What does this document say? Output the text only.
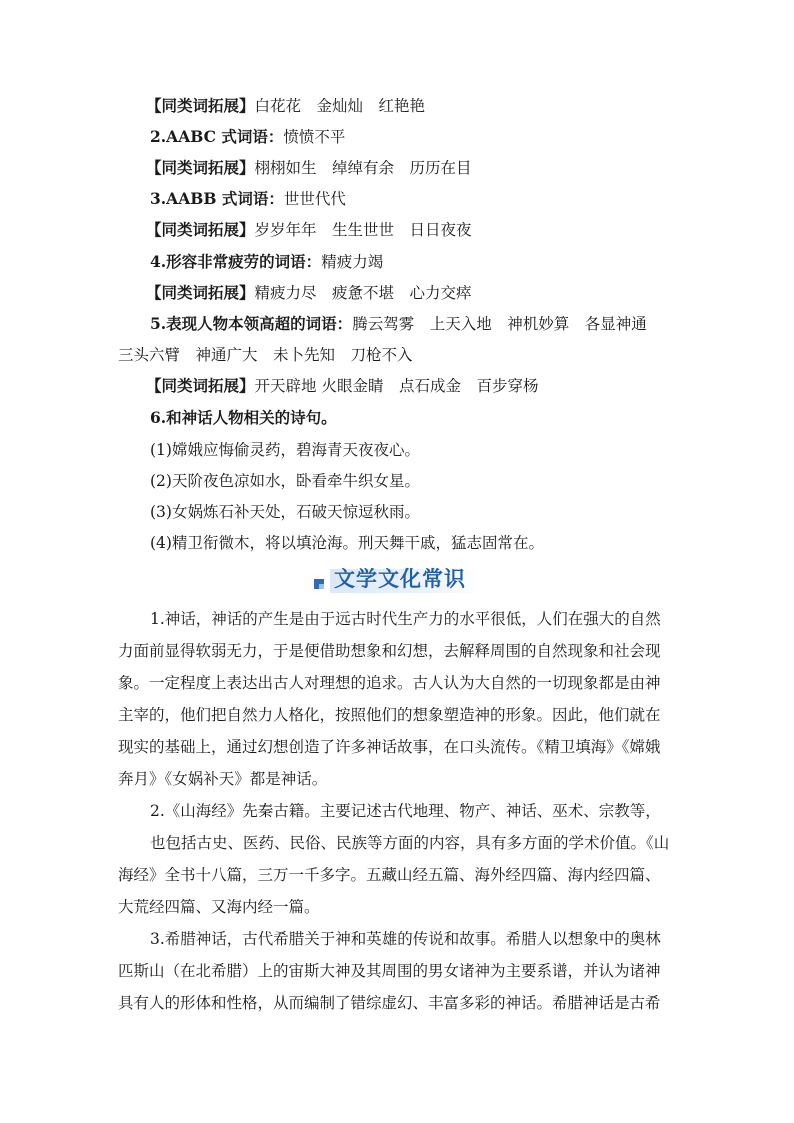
【同类词拓展】白花花　金灿灿　红艳艳
2.AABC 式词语：愤愤不平
【同类词拓展】栩栩如生　绰绰有余　历历在目
3.AABB 式词语：世世代代
【同类词拓展】岁岁年年　生生世世　日日夜夜
4.形容非常疲劳的词语：精疲力竭
【同类词拓展】精疲力尽　疲惫不堪　心力交瘁
5.表现人物本领高超的词语：腾云驾雾　上天入地　神机妙算　各显神通
三头六臂　神通广大　未卜先知　刀枪不入
【同类词拓展】开天辟地 火眼金睛　点石成金　百步穿杨
6.和神话人物相关的诗句。
(1)嫦娥应悔偷灵药，碧海青天夜夜心。
(2)天阶夜色凉如水，卧看牵牛织女星。
(3)女娲炼石补天处，石破天惊逗秋雨。
(4)精卫衔微木，将以填沧海。刑天舞干戚，猛志固常在。
文学文化常识
1.神话，神话的产生是由于远古时代生产力的水平很低，人们在强大的自然
力面前显得软弱无力，于是便借助想象和幻想，去解释周围的自然现象和社会现
象。一定程度上表达出古人对理想的追求。古人认为大自然的一切现象都是由神
主宰的，他们把自然力人格化，按照他们的想象塑造神的形象。因此，他们就在
现实的基础上，通过幻想创造了许多神话故事，在口头流传。《精卫填海》《嫦娥
奔月》《女娲补天》都是神话。
2.《山海经》先秦古籍。主要记述古代地理、物产、神话、巫术、宗教等，
也包括古史、医药、民俗、民族等方面的内容，具有多方面的学术价值。《山
海经》全书十八篇，三万一千多字。五藏山经五篇、海外经四篇、海内经四篇、
大荒经四篇、又海内经一篇。
3.希腊神话，古代希腊关于神和英雄的传说和故事。希腊人以想象中的奥林
匹斯山（在北希腊）上的宙斯大神及其周围的男女诸神为主要系谱，并认为诸神
具有人的形体和性格，从而编制了错综虚幻、丰富多彩的神话。希腊神话是古希
